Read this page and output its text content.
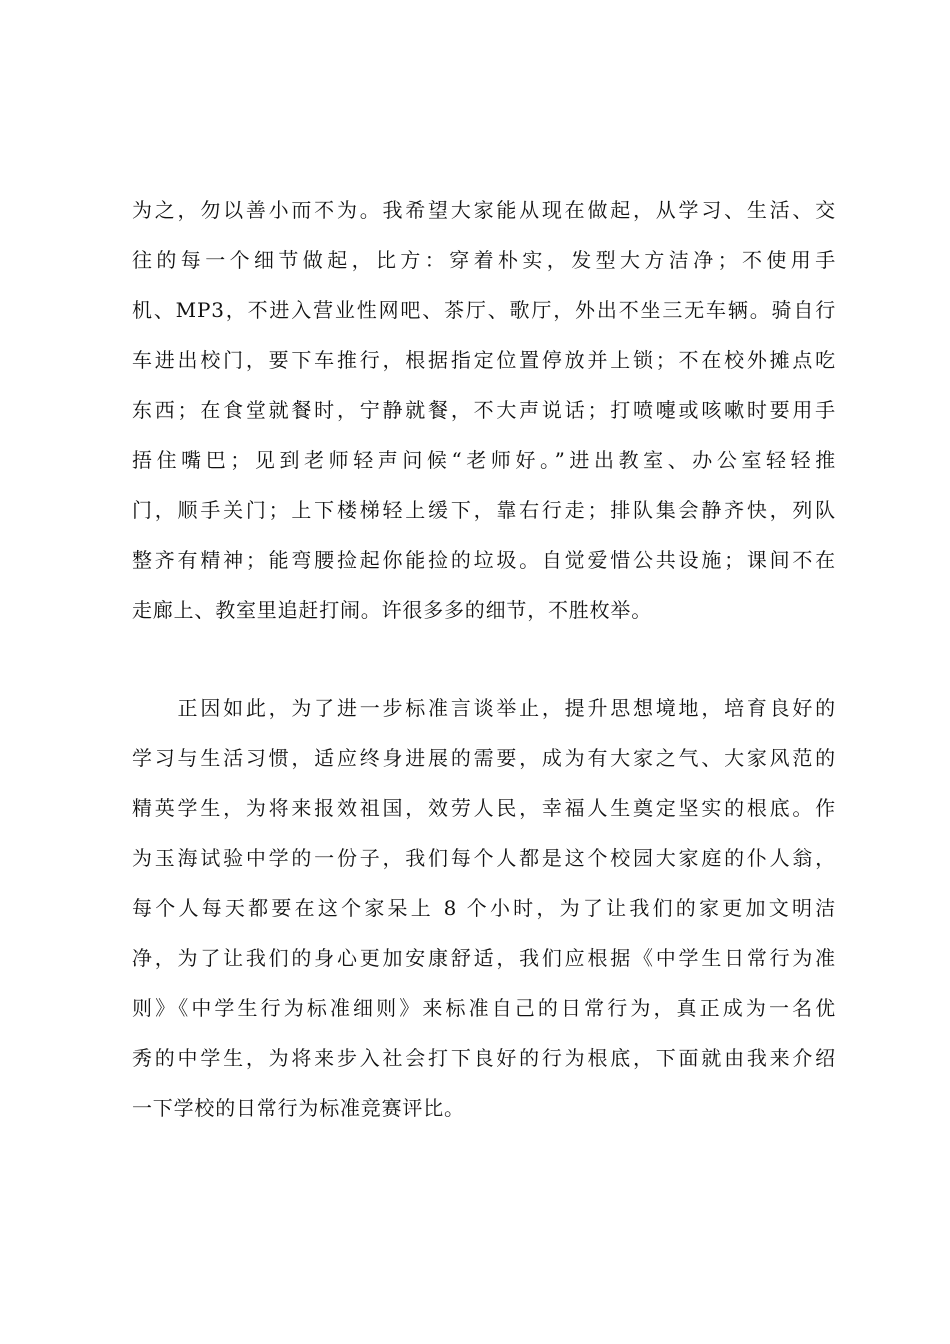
为之，勿以善小而不为。我希望大家能从现在做起，从学习、生活、交
往的每一个细节做起，比方：穿着朴实，发型大方洁净；不使用手
机、MP3，不进入营业性网吧、茶厅、歌厅，外出不坐三无车辆。骑自行
车进出校门，要下车推行，根据指定位置停放并上锁；不在校外摊点吃
东西；在食堂就餐时，宁静就餐，不大声说话；打喷嚏或咳嗽时要用手
捂住嘴巴；见到老师轻声问候“老师好。”进出教室、办公室轻轻推
门，顺手关门；上下楼梯轻上缓下，靠右行走；排队集会静齐快，列队
整齐有精神；能弯腰捡起你能捡的垃圾。自觉爱惜公共设施；课间不在
走廊上、教室里追赶打闹。许很多多的细节，不胜枚举。
　　正因如此，为了进一步标准言谈举止，提升思想境地，培育良好的
学习与生活习惯，适应终身进展的需要，成为有大家之气、大家风范的
精英学生，为将来报效祖国，效劳人民，幸福人生奠定坚实的根底。作
为玉海试验中学的一份子，我们每个人都是这个校园大家庭的仆人翁，
每个人每天都要在这个家呆上 8 个小时，为了让我们的家更加文明洁
净，为了让我们的身心更加安康舒适，我们应根据《中学生日常行为准
则》《中学生行为标准细则》来标准自己的日常行为，真正成为一名优
秀的中学生，为将来步入社会打下良好的行为根底，下面就由我来介绍
一下学校的日常行为标准竞赛评比。
